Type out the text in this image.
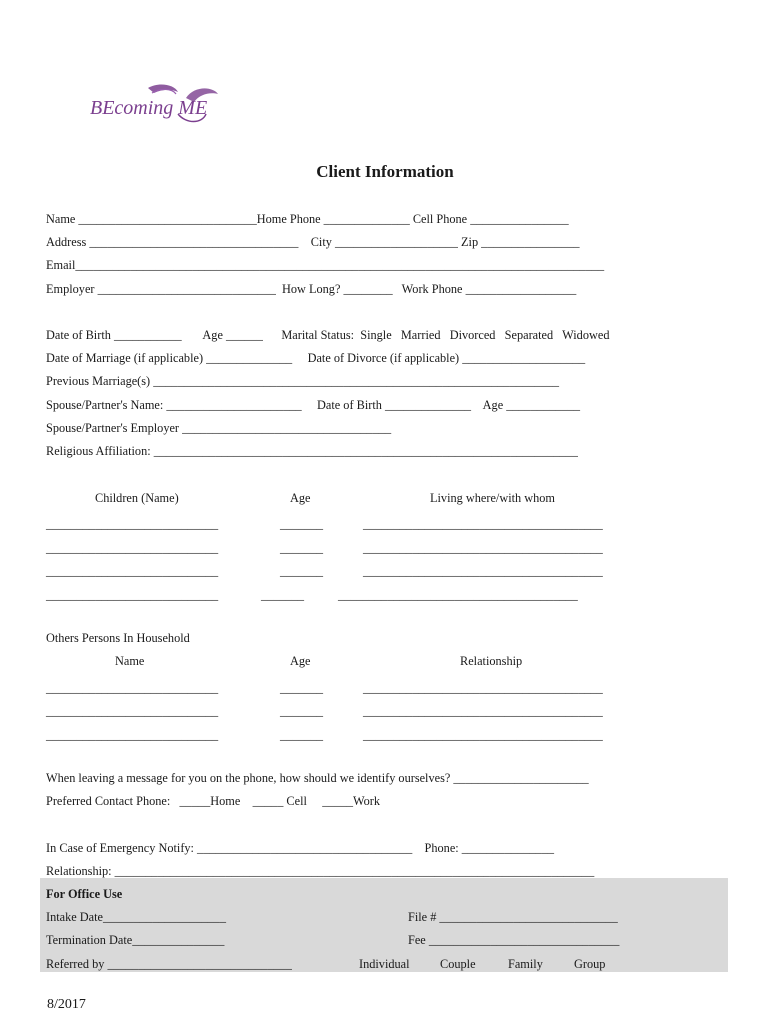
BEcoming ME
Client Information
Name _____________________________Home Phone ______________ Cell Phone ________________
Address __________________________________    City ____________________ Zip ________________
Email______________________________________________________________________________________
Employer _____________________________  How Long? ________   Work Phone __________________
Date of Birth ___________       Age ______      Marital Status:  Single   Married   Divorced   Separated   Widowed
Date of Marriage (if applicable) ______________     Date of Divorce (if applicable) ____________________
Previous Marriage(s) __________________________________________________________________
Spouse/Partner's Name: ______________________     Date of Birth ______________    Age ____________
Spouse/Partner's Employer __________________________________
Religious Affiliation: _____________________________________________________________________
Children (Name)	Age	Living where/with whom
____________________________	_______	_______________________________________
____________________________	_______	_______________________________________
____________________________	_______	_______________________________________
____________________________	_______	_______________________________________
Others Persons In Household
Name	Age	Relationship
____________________________	_______	_______________________________________
____________________________	_______	_______________________________________
____________________________	_______	_______________________________________
When leaving a message for you on the phone, how should we identify ourselves? ______________________
Preferred Contact Phone:   _____Home    _____ Cell     _____Work
In Case of Emergency Notify: ___________________________________    Phone: _______________
Relationship: ______________________________________________________________________________
For Office Use
Intake Date____________________	File # _____________________________
Termination Date_______________	Fee _______________________________
Referred by ______________________________	Individual Couple	Family	Group
8/2017
